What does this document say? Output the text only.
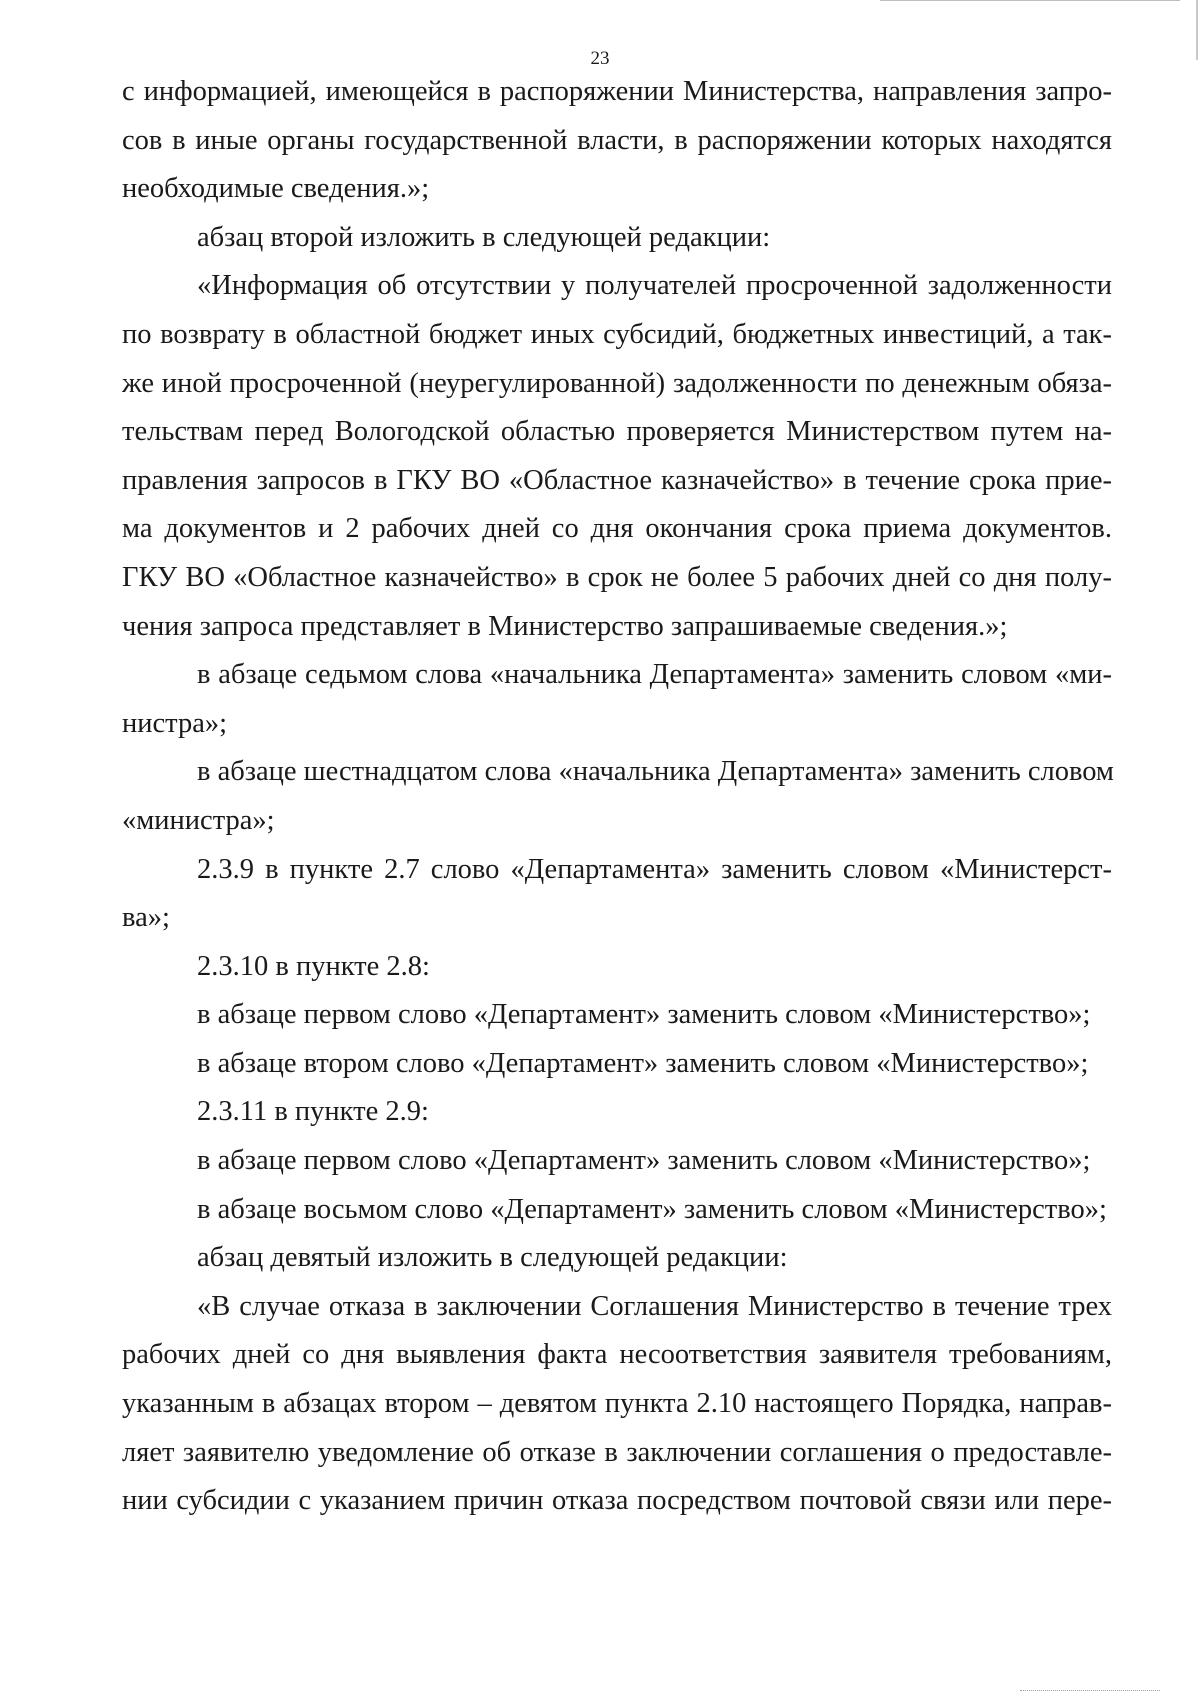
23
с информацией, имеющейся в распоряжении Министерства, направления запро-
сов в иные органы государственной власти, в распоряжении которых находятся
необходимые сведения.»;
абзац второй изложить в следующей редакции:
«Информация об отсутствии у получателей просроченной задолженности
по возврату в областной бюджет иных субсидий, бюджетных инвестиций, а так-
же иной просроченной (неурегулированной) задолженности по денежным обяза-
тельствам перед Вологодской областью проверяется Министерством путем на-
правления запросов в ГКУ ВО «Областное казначейство» в течение срока прие-
ма документов и 2 рабочих дней со дня окончания срока приема документов.
ГКУ ВО «Областное казначейство» в срок не более 5 рабочих дней со дня полу-
чения запроса представляет в Министерство запрашиваемые сведения.»;
в абзаце седьмом слова «начальника Департамента» заменить словом «ми-
нистра»;
в абзаце шестнадцатом слова «начальника Департамента» заменить словом
«министра»;
2.3.9 в пункте 2.7 слово «Департамента» заменить словом «Министерст-
ва»;
2.3.10 в пункте 2.8:
в абзаце первом слово «Департамент» заменить словом «Министерство»;
в абзаце втором слово «Департамент» заменить словом «Министерство»;
2.3.11 в пункте 2.9:
в абзаце первом слово «Департамент» заменить словом «Министерство»;
в абзаце восьмом слово «Департамент» заменить словом «Министерство»;
абзац девятый изложить в следующей редакции:
«В случае отказа в заключении Соглашения Министерство в течение трех
рабочих дней со дня выявления факта несоответствия заявителя требованиям,
указанным в абзацах втором – девятом пункта 2.10 настоящего Порядка, направ-
ляет заявителю уведомление об отказе в заключении соглашения о предоставле-
нии субсидии с указанием причин отказа посредством почтовой связи или пере-
